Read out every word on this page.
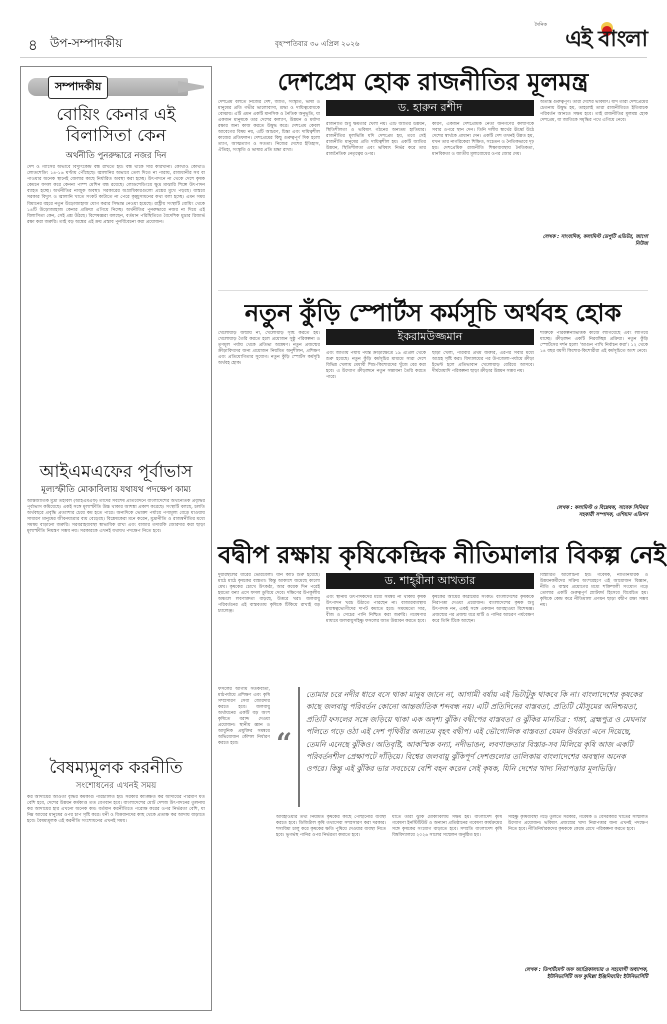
৪ উপ-সম্পাদকীয়	বৃহস্পতিবার ৩০ এপ্রিল ২০২৬
দৈনিক
এই বাংলা
সম্পাদকীয়
বোয়িং কেনার এই বিলাসিতা কেন
অর্থনীতি পুনরুদ্ধারে নজর দিন
দেশ ও গ্যাসের অভাবে বিদ্যুৎকেন্দ্র বন্ধ রাখতে হয়। বন্ধ থাকে সার কারখানা। কোথাও কোথাও লোডশেডিং ১৪-১৬ ঘণ্টায় পৌঁছেছে। জ্বালানির অভাবে তেল দিতে না পারায়, রাজধানীর সব বা পাওয়ার অনেক স্থানেই জেলার কাছে নির্ধারিত অবস্থা করা হচ্ছে। উৎপাদনে না থেকে দেশে কৃষক কেমনে ফসল করে কেননা পাম্প মেশিন বন্ধ রয়েছে। লোডশেডিংয়ে ক্ষুদ্র মাঝারি শিল্পে উৎপাদন ব্যাহত হচ্ছে। অর্থনীতির নাজুক অবস্থা। সরকারের অগ্রাধিকারগুলো প্রশ্নের মুখে পড়ছে। বাস্তবে সরকার বিদ্যুৎ ও জ্বালানি খাতে সংকট কাটাতে না পেরে কৃচ্ছ্রসাধনের কথা বলা হচ্ছে। এমন সময় বিমানের বহরে নতুন উড়োজাহাজ যোগ করার সিদ্ধান্ত নেওয়া হয়েছে। রাষ্ট্রীয় সংস্থাটি বোয়িং থেকে ১৪টি উড়োজাহাজ কেনার প্রক্রিয়া এগিয়ে নিচ্ছে। অর্থনীতির পুনরুদ্ধারে নজর না দিয়ে এই বিলাসিতা কেন, সেই প্রশ্ন উঠছে। বিশেষজ্ঞরা বলছেন, বর্তমান পরিস্থিতিতে বৈদেশিক মুদ্রার রিজার্ভ রক্ষা করা জরুরি। তাই বড় অঙ্কের এই ক্রয় প্রস্তাব পুনর্বিবেচনা করা প্রয়োজন।
আইএমএফের পূর্বাভাস
মূল্যস্ফীতি মোকাবিলায় যথাযথ পদক্ষেপ কাম্য
আন্তর্জাতিক মুদ্রা তহবিল (আইএমএফ) তাদের সর্বশেষ প্রতিবেদনে বাংলাদেশের অর্থনৈতিক প্রবৃদ্ধির পূর্বাভাস কমিয়েছে। একই সঙ্গে মূল্যস্ফীতি উচ্চ থাকার আশঙ্কা প্রকাশ করেছে। সংস্থাটি বলছে, চলতি অর্থবছরে প্রবৃদ্ধি প্রত্যাশার চেয়ে কম হতে পারে। অন্যদিকে ভোক্তা পর্যায়ে পণ্যমূল্য বেড়ে যাওয়ায় সাধারণ মানুষের জীবনযাত্রার ব্যয় বেড়েছে। বিশ্লেষকেরা মনে করেন, মুদ্রানীতি ও রাজস্বনীতির মধ্যে সমন্বয় বাড়ানো জরুরি। সরবরাহব্যবস্থা স্বাভাবিক রাখা এবং বাজার তদারকি জোরদার করা ছাড়া মূল্যস্ফীতি নিয়ন্ত্রণ সম্ভব নয়। সরকারকে এখনই যথাযথ পদক্ষেপ নিতে হবে।
বৈষম্যমূলক করনীতি
সংশোধনের এখনই সময়
কর আদায়ের আওতা বৃদ্ধির কর্মকাণ্ড পরিচালিত হয়। সরকার কাঙ্ক্ষিত কর আদায়ের পরিমাণ যত বেশি হবে, দেশের উন্নয়ন কর্মকাণ্ড তত বেগবান হবে। বাংলাদেশের মোট দেশজ উৎপাদনের তুলনায় কর আদায়ের হার এখনো অনেক কম। বর্তমান করনীতিতে পরোক্ষ করের ওপর নির্ভরতা বেশি, যা নিম্ন আয়ের মানুষের ওপর চাপ সৃষ্টি করে। ধনী ও বিত্তবানদের কাছ থেকে প্রত্যক্ষ কর আদায় বাড়াতে হবে। বৈষম্যমূলক এই করনীতি সংশোধনের এখনই সময়।
দেশপ্রেম হোক রাজনীতির মূলমন্ত্র
দেশপ্রেম বলতে নিজের দেশ, জাতি, সংস্কৃতি, ভাষা ও মানুষের প্রতি গভীর ভালোবাসা, শ্রদ্ধা ও দায়িত্ববোধকে বোঝায়। এটি এমন একটি মানসিক ও নৈতিক অনুভূতি, যা একজন মানুষকে তার দেশের কল্যাণ, উন্নয়ন ও মর্যাদা রক্ষার জন্য কাজ করতে উদ্বুদ্ধ করে। দেশপ্রেম কেবল আবেগের বিষয় নয়, এটি আচরণ, চিন্তা এবং দায়িত্বশীল কাজের প্রতিফলন। দেশপ্রেমের কিছু গুরুত্বপূর্ণ দিক হলো ত্যাগ, আত্মত্যাগ ও সততা। নিজের দেশের ইতিহাস, ঐতিহ্য, সংস্কৃতি ও ভাষার প্রতি শ্রদ্ধা রাখা।
ড. হারুন রশীদ
রাজনীতি শুধু ক্ষমতার খেলা নয়। এটি জাতির উন্নয়ন, স্থিতিশীলতা ও ভবিষ্যৎ গঠনের অন্যতম হাতিয়ার। রাজনীতির মূলভিত্তি যদি দেশপ্রেম হয়, তবে সেই রাজনীতি মানুষের প্রতি দায়িত্বশীল হয়। একটি জাতির উন্নয়ন, স্থিতিশীলতা এবং ভবিষ্যৎ নির্ভর করে তার রাজনৈতিক নেতৃত্বের ওপর।
কারণ, একজন দেশপ্রেমিক নেতা জনগণের কল্যাণকে সবার ওপরে স্থান দেন। তিনি দলীয় স্বার্থের ঊর্ধ্বে উঠে দেশের স্বার্থকে প্রাধান্য দেন। একটি দেশ তখনই উন্নত হয়, যখন তার নাগরিকেরা শিক্ষিত, সচেতন ও নৈতিকভাবে দৃঢ় হয়। দেশপ্রেমিক রাজনীতি শিক্ষাব্যবস্থায় নৈতিকতা, মানবিকতা ও জাতীয় মূল্যবোধের ওপর জোর দেয়।
অত্যন্ত গুরুত্বপূর্ণ। তারা দেশের ভবিষ্যৎ। যদি তারা দেশপ্রেমের চেতনায় উদ্বুদ্ধ হয়, তাহলেই তারা রাজনীতিতে ইতিবাচক পরিবর্তন আনতে সক্ষম হবে। তাই রাজনীতির মূলমন্ত্র হোক দেশপ্রেম, যা জাতিকে সমৃদ্ধির পথে এগিয়ে নেবে।
লেখক : সাংবাদিক, কলামিস্ট ডেপুটি এডিটর, জাগো নিউজ
নতুন কুঁড়ি স্পোর্টস কর্মসূচি অর্থবহ হোক
খেলোয়াড় জন্মায় না, খেলোয়াড় সৃষ্টি করতে হয়। খেলোয়াড় তৈরি করতে হলে প্রয়োজন সুষ্ঠু পরিকল্পনা ও তৃণমূল পর্যায় থেকে প্রতিভা অন্বেষণ। নতুন প্রজন্মের ক্রীড়াবিদদের জন্য প্রয়োজন নিয়মিত অনুশীলন, প্রশিক্ষণ এবং প্রতিযোগিতার সুযোগ। নতুন কুঁড়ি স্পোর্টস কর্মসূচি অর্থবহ হোক।
ইকরামউজ্জমান
এবং জাতীয় পর্যায় পর্যন্ত ক্রীড়াক্ষেত্রে ১৯ এপ্রিল থেকে শুরু হয়েছে। নতুন কুঁড়ি কর্মসূচির মাধ্যমে সারা দেশে বিভিন্ন খেলায় মেধাবী শিশু-কিশোরদের খুঁজে বের করা হবে। এ উদ্যোগ ক্রীড়াঙ্গনে নতুন সম্ভাবনা তৈরি করতে পারে।
ছাড়া খেলা, পরিবার প্রথম জরুরি, এরপর সবার মধ্যে আগ্রহ সৃষ্টি করা। বিদ্যালয়ের পর উপজেলা-পর্যায়ে ক্রীড়া ইভেন্ট হলে প্রতিভাবান খেলোয়াড় বেরিয়ে আসবে। দীর্ঘমেয়াদি পরিকল্পনা ছাড়া ক্রীড়ার উন্নয়ন সম্ভব নয়।
শক্তিকে পরিকল্পনাভিত্তিক কাজে লাগিয়েছে এবং লাগিয়ে যাচ্ছে। ক্রীড়াঙ্গন একটি নিরবচ্ছিন্ন প্রক্রিয়া। নতুন কুঁড়ি স্পোর্টসের দর্শন হলো 'আগুন পাখি নির্বাচন করা'। ১২ থেকে ১৪ বছর বয়সী কিশোর-কিশোরীরা এই কর্মসূচিতে অংশ নেবে।
লেখক : কলামিস্ট ও বিশ্লেষক, সাবেক সিনিয়র সহকারী সম্পাদক, এশিয়ান এডিশন
বদ্বীপ রক্ষায় কৃষিকেন্দ্রিক নীতিমালার বিকল্প নেই
দুয়ারস্থলের ধারের ভোরবেলা। যান কাটি শুরু হয়েছে। মাঠে মাঠে কৃষকের ব্যস্ততা। কিন্তু আকাশে জমেছে কালো মেঘ। কৃষকের চোখে উৎকণ্ঠা, আর কয়েক দিন পরেই হয়তো বন্যা এসে ফসল ডুবিয়ে দেবে। দক্ষিণের উপকূলীয় অঞ্চলে লবণাক্ততা বাড়ছে, উত্তরে খরা। জলবায়ু পরিবর্তনের এই বাস্তবতায় কৃষিকে টিকিয়ে রাখাই বড় চ্যালেঞ্জ।
ড. শাহ্‌রীনা আখতার
এবং স্থানীয় উৎপাদকদের মধ্যে সমন্বয় না থাকায় কৃষক উৎপাদন খরচ উঠাতে পারছেন না। বাজারব্যবস্থায় মধ্যস্বত্বভোগীদের দাপট কমাতে হবে। সময়মতো সার, বীজ ও সেচের পানি নিশ্চিত করা জরুরি। গবেষণার মাধ্যমে জলবায়ুসহিষ্ণু ফসলের জাত উদ্ভাবন করতে হবে।
কৃষকের আয়ের কাঠামোর সংকট। বাংলাদেশের কৃষককে নিরাপত্তা দেওয়া প্রয়োজন। বাংলাদেশের কৃষক শুধু উৎপাদক নন, একই সঙ্গে একজন আবহাওয়া বিশেষজ্ঞ। প্রজন্মের পর প্রজন্ম ধরে মাটি ও পানির আচরণ পর্যবেক্ষণ করে তিনি টিকে আছেন।
বিস্তারিত আলোচনা হয়। গবেষক, নীতিনির্ধারক ও উন্নয়নকর্মীদের সক্রিয় অংশগ্রহণে এই আয়োজন বিজ্ঞান, নীতি ও বাস্তব প্রয়োগের মধ্যে শক্তিশালী সংযোগ গড়ে তোলার একটি গুরুত্বপূর্ণ প্ল্যাটফর্ম হিসেবে বিবেচিত হয়। কৃষিকে কেন্দ্র করে নীতিমালা প্রণয়ন ছাড়া বদ্বীপ রক্ষা সম্ভব নয়।
ফসলের আগাম সতর্কবার্তা, মাঠপর্যায়ে প্রশিক্ষণ এবং কৃষি সম্প্রসারণ সেবা জোরদার করতে হবে। জলবায়ু অর্থায়নের একটি বড় অংশ কৃষিতে বরাদ্দ দেওয়া প্রয়োজন। স্থানীয় জ্ঞান ও আধুনিক প্রযুক্তির সমন্বয়ে অভিযোজন কৌশল নির্ধারণ করতে হবে।	“
তোমার চরে নদীর ধারে বসে থাকা মানুষ জানে না, আগামী বর্ষায় এই ভিটাটুকু থাকবে কি না। বাংলাদেশের কৃষকের কাছে জলবায়ু পরিবর্তন কোনো আন্তর্জাতিক শব্দবন্ধ নয়। এটি প্রতিদিনের বাস্তবতা, প্রতিটি মৌসুমের অনিশ্চয়তা, প্রতিটি ফসলের সঙ্গে জড়িয়ে থাকা এক অদৃশ্য ঝুঁকি। বদ্বীপের বাস্তবতা ও ঝুঁকির মানচিত্র : গঙ্গা, ব্রহ্মপুত্র ও মেঘনার পলিতে গড়ে ওঠা এই দেশ পৃথিবীর অন্যতম বৃহৎ বদ্বীপ। এই ভৌগোলিক বাস্তবতা যেমন উর্বরতা এনে দিয়েছে, তেমনি এনেছে ঝুঁকিও। অতিবৃষ্টি, আকস্মিক বন্যা, নদীভাঙন, লবণাক্ততার বিস্তার-সব মিলিয়ে কৃষি আজ একটি পরিবর্তনশীল প্রেক্ষাপটে দাঁড়িয়ে। বিশ্বের জলবায়ু ঝুঁকিপূর্ণ দেশগুলোর তালিকায় বাংলাদেশের অবস্থান অনেক ওপরে। কিন্তু এই ঝুঁকির ভার সবচেয়ে বেশি বহন করেন সেই কৃষক, যিনি দেশের খাদ্য নিরাপত্তার মূলভিত্তি।
আবহাওয়ার তথ্য নিয়মিত কৃষকের কাছে পৌঁছানোর ব্যবস্থা করতে হবে। ডিজিটাল কৃষি তথ্যসেবা সম্প্রসারণ করা দরকার। শস্যবিমা চালু করে কৃষকের ক্ষতি পুষিয়ে দেওয়ার ব্যবস্থা নিতে হবে। ভূগর্ভস্থ পানির ওপর নির্ভরতা কমাতে হবে।
যাতে তারা ঝুঁকি মোকাবিলায় সক্ষম হয়। বাংলাদেশ কৃষি গবেষণা ইনস্টিটিউট ও অন্যান্য প্রতিষ্ঠানের গবেষণা কার্যক্রমের সঙ্গে কৃষকের সংযোগ বাড়াতে হবে। সম্প্রতি বাংলাদেশ কৃষি বিশ্ববিদ্যালয়ে ২০২৬ সালের সম্মেলন অনুষ্ঠিত হয়।
সহিষ্ণু কৃষিব্যবস্থা গড়ে তুলতে সরকার, গবেষক ও বেসরকারি খাতের সম্মিলিত উদ্যোগ প্রয়োজন। ভবিষ্যৎ প্রজন্মের খাদ্য নিরাপত্তার জন্য এখনই পদক্ষেপ নিতে হবে। নীতিনির্ধারকদের কৃষককে কেন্দ্রে রেখে পরিকল্পনা করতে হবে।
লেখক : ডিপার্টমেন্ট অফ অ্যাগ্রিকালচার ও সহযোগী অধ্যাপক, ইউনিভার্সিটি অফ কুমিল্লা ইঞ্জিনিয়ারিং ইউনিভার্সিটি
